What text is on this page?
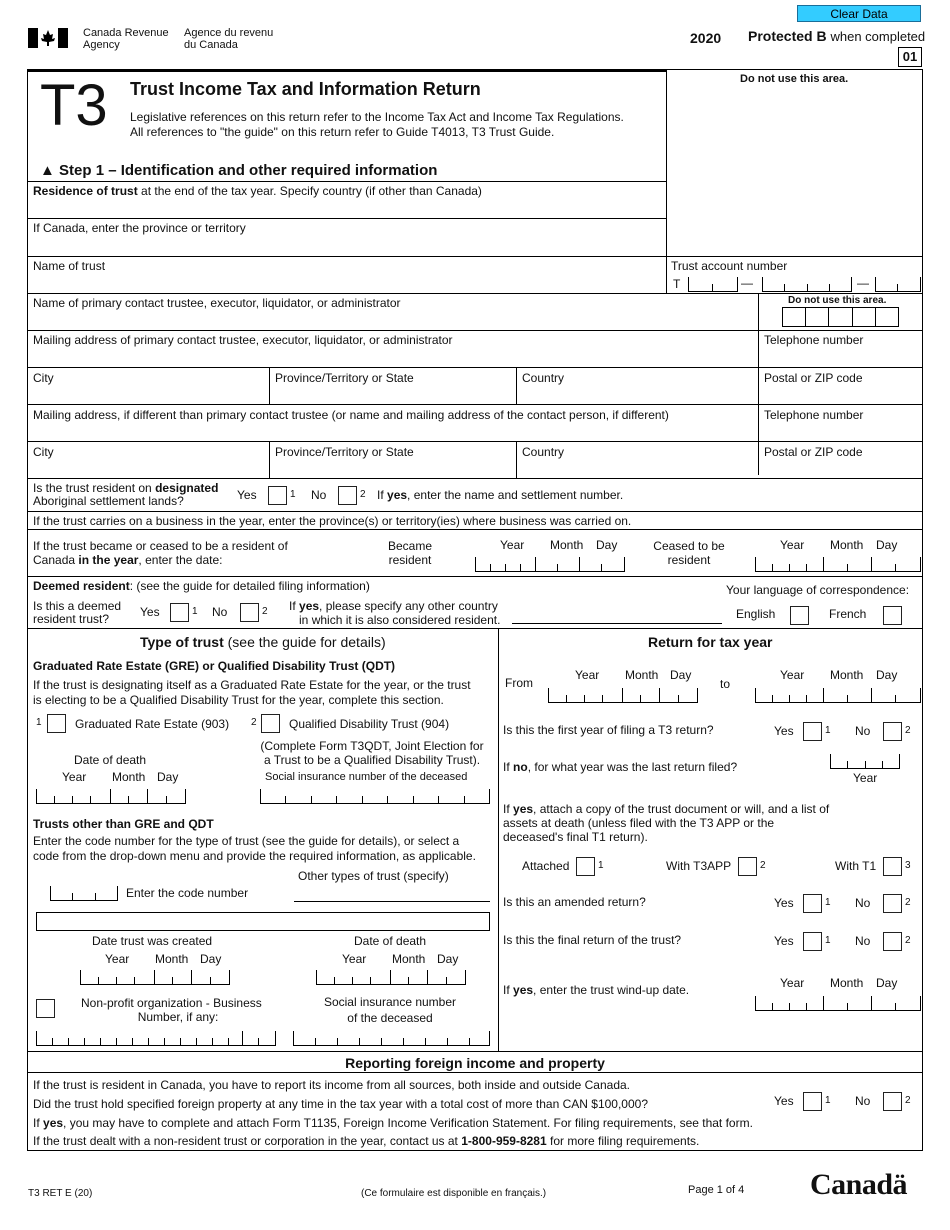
Canada Revenue
Agency
Agence du revenu
du Canada
Clear Data
2020 Protected B when completed
01
T3 Trust Income Tax and Information Return
Legislative references on this return refer to the Income Tax Act and Income Tax Regulations.
All references to "the guide" on this return refer to Guide T4013, T3 Trust Guide.
Do not use this area.
▲ Step 1 – Identification and other required information
Residence of trust at the end of the tax year. Specify country (if other than Canada)
If Canada, enter the province or territory
Name of trust	Trust account number
T	—	—
Name of primary contact trustee, executor, liquidator, or administrator	Do not use this area.
Mailing address of primary contact trustee, executor, liquidator, or administrator	Telephone number
City	Province/Territory or State	Country	Postal or ZIP code
Mailing address, if different than primary contact trustee (or name and mailing address of the contact person, if different)	Telephone number
City	Province/Territory or State	Country	Postal or ZIP code
Is the trust resident on designated
Aboriginal settlement lands?	Yes	1 No	2 If yes, enter the name and settlement number.
If the trust carries on a business in the year, enter the province(s) or territory(ies) where business was carried on.
If the trust became or ceased to be a resident of
Canada in the year, enter the date:
Became
resident
Year Month Day	Ceased to be
resident
Year Month Day
Deemed resident: (see the guide for detailed filing information)
Is this a deemed
resident trust?	Yes	1 No	2 If yes, please specify any other country
in which it is also considered resident.
Your language of correspondence:
English	French
Type of trust (see the guide for details)
Graduated Rate Estate (GRE) or Qualified Disability Trust (QDT)
If the trust is designating itself as a Graduated Rate Estate for the year, or the trust
is electing to be a Qualified Disability Trust for the year, complete this section.
1	Graduated Rate Estate (903) 2	Qualified Disability Trust (904)
(Complete Form T3QDT, Joint Election for
a Trust to be a Qualified Disability Trust).
Date of death
Year Month Day	Social insurance number of the deceased
Trusts other than GRE and QDT
Enter the code number for the type of trust (see the guide for details), or select a
code from the drop-down menu and provide the required information, as applicable.
Other types of trust (specify)
Enter the code number
Date trust was created
Year Month Day
Date of death
Year Month Day
Non-profit organization - Business
Number, if any:
Social insurance number
of the deceased
Return for tax year
From
Year Month Day
to
Year Month Day
Is this the first year of filing a T3 return?	Yes	1 No	2
If no, for what year was the last return filed?
Year
If yes, attach a copy of the trust document or will, and a list of
assets at death (unless filed with the T3 APP or the
deceased's final T1 return).
Attached	1	With T3APP	2	With T1	3
Is this an amended return?	Yes	1 No	2
Is this the final return of the trust?	Yes	1 No	2
If yes, enter the trust wind-up date.	Year Month Day
Reporting foreign income and property
If the trust is resident in Canada, you have to report its income from all sources, both inside and outside Canada.
Did the trust hold specified foreign property at any time in the tax year with a total cost of more than CAN $100,000?	Yes	1 No	2
If yes, you may have to complete and attach Form T1135, Foreign Income Verification Statement. For filing requirements, see that form.
If the trust dealt with a non-resident trust or corporation in the year, contact us at 1-800-959-8281 for more filing requirements.
T3 RET E (20)	(Ce formulaire est disponible en français.)	Page 1 of 4 Canadä
